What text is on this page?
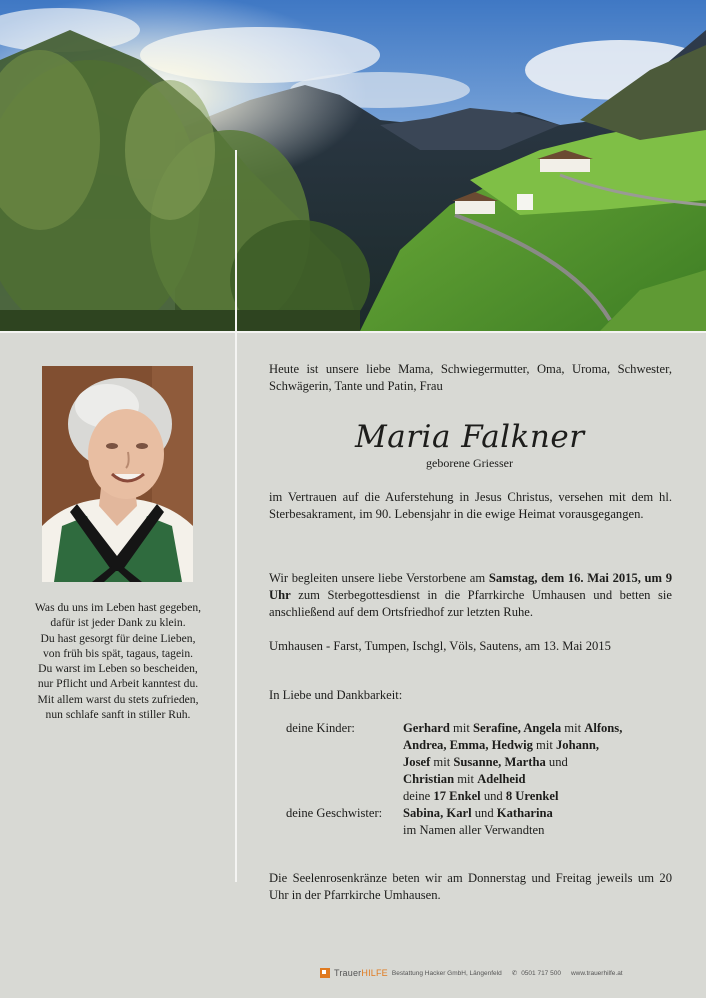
Was du uns im Leben hast gegeben,
dafür ist jeder Dank zu klein.
Du hast gesorgt für deine Lieben,
von früh bis spät, tagaus, tagein.
Du warst im Leben so bescheiden,
nur Pflicht und Arbeit kanntest du.
Mit allem warst du stets zufrieden,
nun schlafe sanft in stiller Ruh.

Heute ist unsere liebe Mama, Schwiegermutter, Oma, Uroma, Schwester, Schwägerin, Tante und Patin, Frau

Maria Falkner
geborene Griesser

im Vertrauen auf die Auferstehung in Jesus Christus, versehen mit dem hl. Sterbesakrament, im 90. Lebensjahr in die ewige Heimat vorausgegangen.

Wir begleiten unsere liebe Verstorbene am Samstag, dem 16. Mai 2015, um 9 Uhr zum Sterbegottesdienst in die Pfarrkirche Umhausen und betten sie anschließend auf dem Ortsfriedhof zur letzten Ruhe.

Umhausen - Farst, Tumpen, Ischgl, Völs, Sautens, am 13. Mai 2015

In Liebe und Dankbarkeit:

deine Kinder:
deine Geschwister:
Gerhard mit Serafine, Angela mit Alfons,
Andrea, Emma, Hedwig mit Johann,
Josef mit Susanne, Martha und
Christian mit Adelheid
deine 17 Enkel und 8 Urenkel
Sabina, Karl und Katharina
im Namen aller Verwandten

Die Seelenrosenkränze beten wir am Donnerstag und Freitag jeweils um 20 Uhr in der Pfarrkirche Umhausen.

TrauerHILFE Bestattung Hacker GmbH, Längenfeld ✆ 0501 717 500 www.trauerhilfe.at
